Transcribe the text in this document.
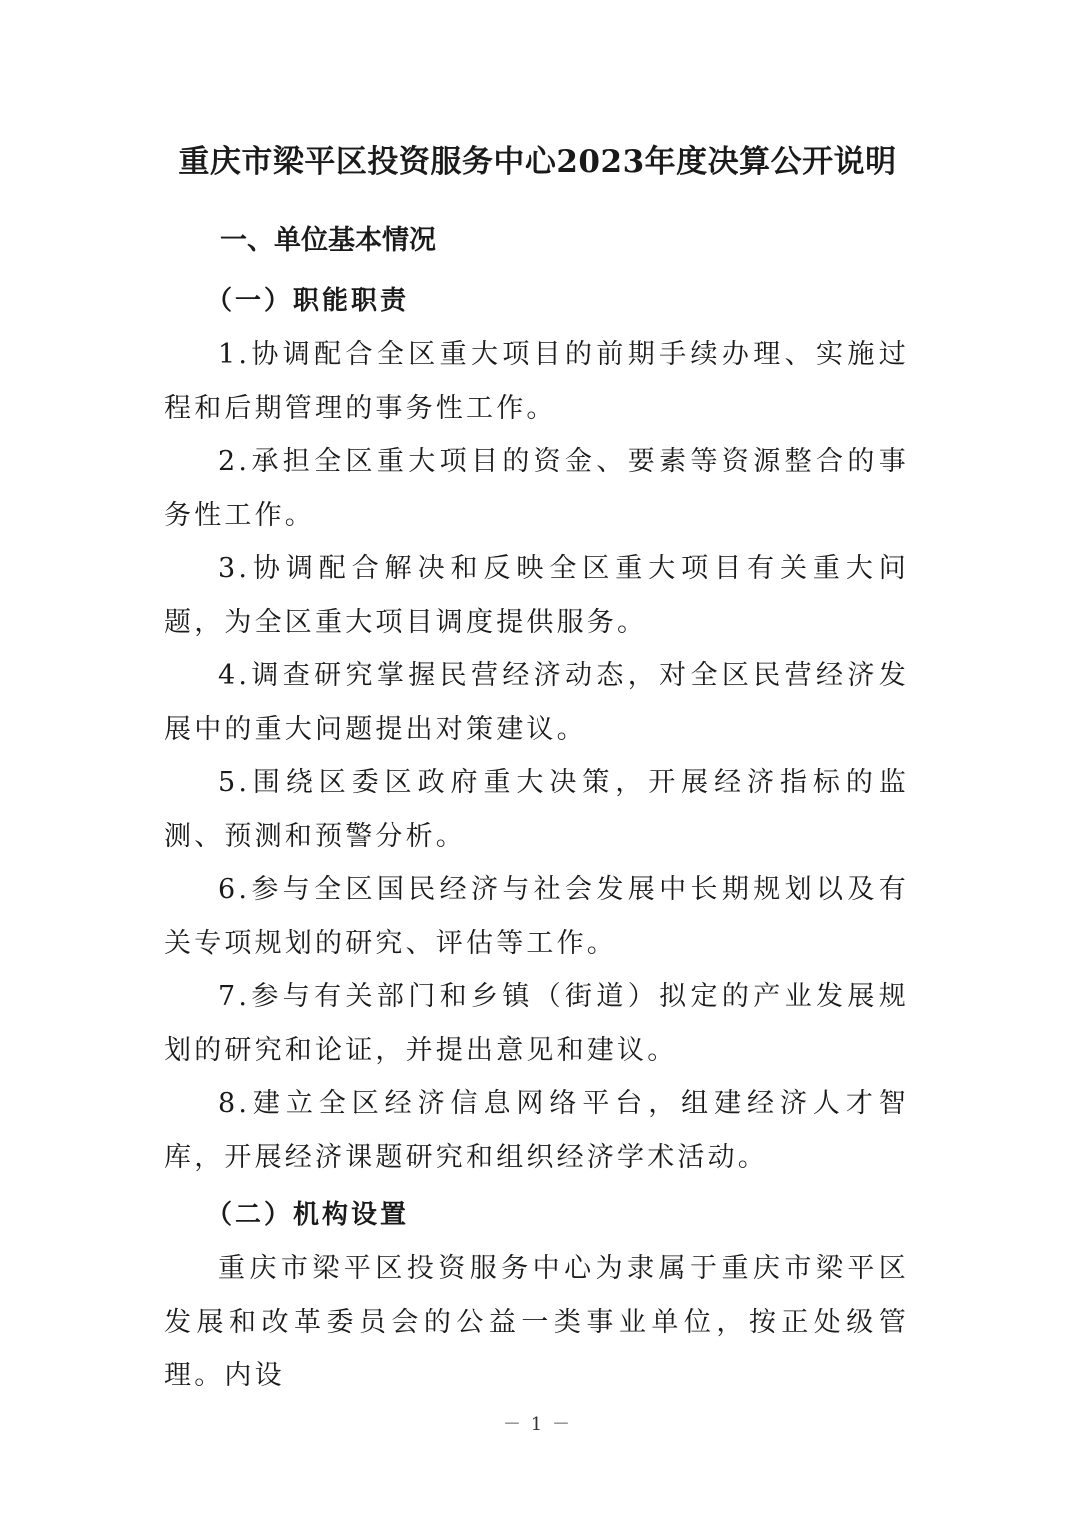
重庆市梁平区投资服务中心2023年度决算公开说明
一、单位基本情况
（一）职能职责

1.协调配合全区重大项目的前期手续办理、实施过程和后期管理的事务性工作。

2.承担全区重大项目的资金、要素等资源整合的事务性工作。

3.协调配合解决和反映全区重大项目有关重大问题，为全区重大项目调度提供服务。

4.调查研究掌握民营经济动态，对全区民营经济发展中的重大问题提出对策建议。

5.围绕区委区政府重大决策，开展经济指标的监测、预测和预警分析。

6.参与全区国民经济与社会发展中长期规划以及有关专项规划的研究、评估等工作。

7.参与有关部门和乡镇（街道）拟定的产业发展规划的研究和论证，并提出意见和建议。

8.建立全区经济信息网络平台，组建经济人才智库，开展经济课题研究和组织经济学术活动。

（二）机构设置

重庆市梁平区投资服务中心为隶属于重庆市梁平区发展和改革委员会的公益一类事业单位，按正处级管理。内设

－ 1 －
